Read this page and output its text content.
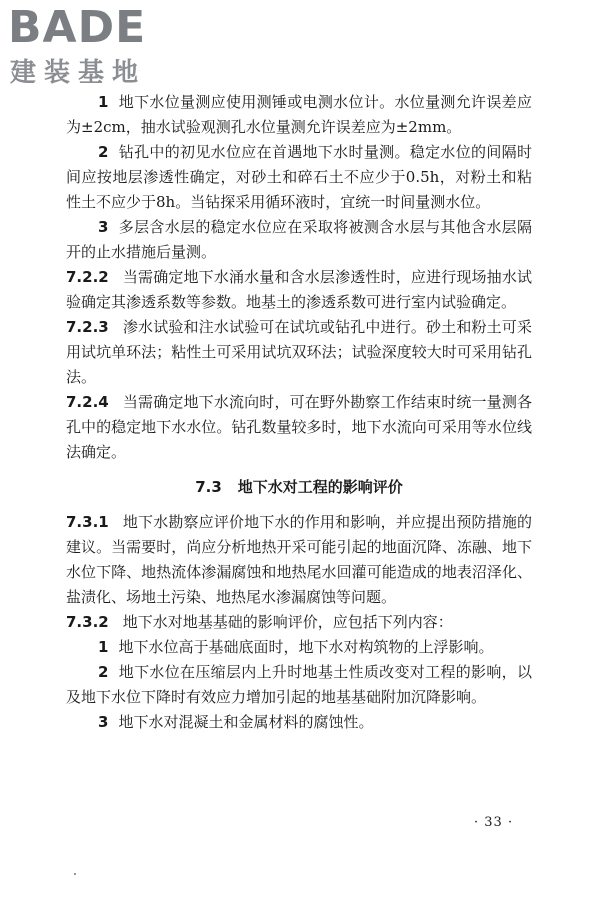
BADE
建装基地

1 地下水位量测应使用测锤或电测水位计。水位量测允许误差应为±2cm，抽水试验观测孔水位量测允许误差应为±2mm。

2 钻孔中的初见水位应在首遇地下水时量测。稳定水位的间隔时间应按地层渗透性确定，对砂土和碎石土不应少于0.5h，对粉土和粘性土不应少于8h。当钻探采用循环液时，宜统一时间量测水位。

3 多层含水层的稳定水位应在采取将被测含水层与其他含水层隔开的止水措施后量测。

7.2.2 当需确定地下水涌水量和含水层渗透性时，应进行现场抽水试验确定其渗透系数等参数。地基土的渗透系数可进行室内试验确定。

7.2.3 渗水试验和注水试验可在试坑或钻孔中进行。砂土和粉土可采用试坑单环法；粘性土可采用试坑双环法；试验深度较大时可采用钻孔法。

7.2.4 当需确定地下水流向时，可在野外勘察工作结束时统一量测各孔中的稳定地下水水位。钻孔数量较多时，地下水流向可采用等水位线法确定。

7.3 地下水对工程的影响评价

7.3.1 地下水勘察应评价地下水的作用和影响，并应提出预防措施的建议。当需要时，尚应分析地热开采可能引起的地面沉降、冻融、地下水位下降、地热流体渗漏腐蚀和地热尾水回灌可能造成的地表沼泽化、盐渍化、场地土污染、地热尾水渗漏腐蚀等问题。

7.3.2 地下水对地基基础的影响评价，应包括下列内容：

1 地下水位高于基础底面时，地下水对构筑物的上浮影响。

2 地下水位在压缩层内上升时地基土性质改变对工程的影响，以及地下水位下降时有效应力增加引起的地基基础附加沉降影响。

3 地下水对混凝土和金属材料的腐蚀性。

· 33 ·
